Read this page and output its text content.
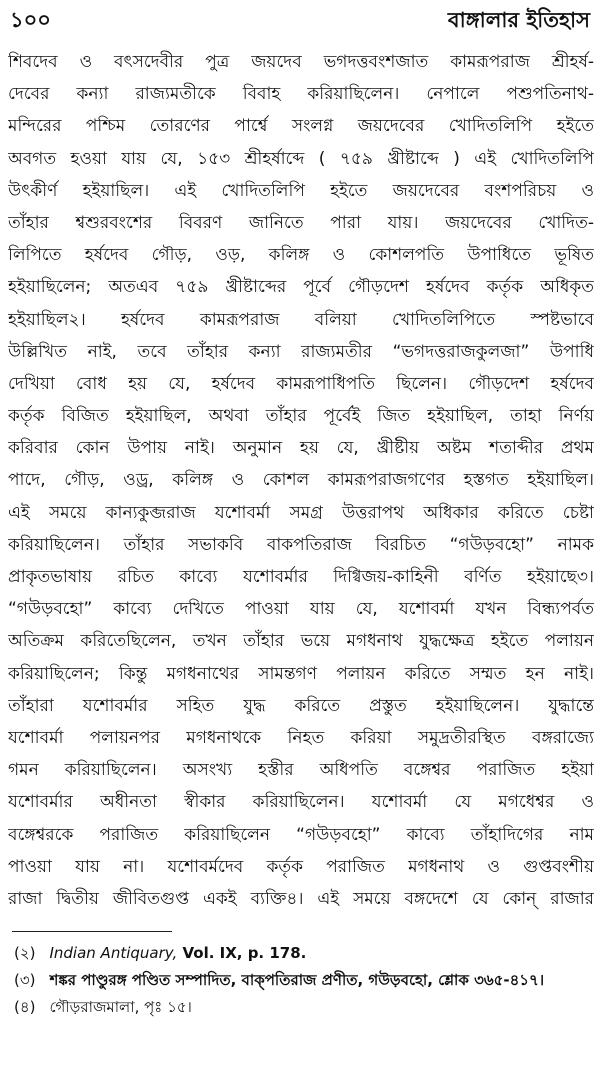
১০০	বাঙ্গালার ইতিহাস
শিবদেব ও বৎসদেবীর পুত্র জয়দেব ভগদত্তবংশজাত কামরূপরাজ শ্রীহর্ষ-
দেবের কন্যা রাজ্যমতীকে বিবাহ করিয়াছিলেন। নেপালে পশুপতিনাথ-
মন্দিরের পশ্চিম তোরণের পার্শ্বে সংলগ্ন জয়দেবের খোদিতলিপি হইতে
অবগত হওয়া যায় যে, ১৫৩ শ্রীহর্ষাব্দে ( ৭৫৯ খ্রীষ্টাব্দে ) এই খোদিতলিপি
উৎকীর্ণ হইয়াছিল। এই খোদিতলিপি হইতে জয়দেবের বংশপরিচয় ও
তাঁহার শ্বশুরবংশের বিবরণ জানিতে পারা যায়। জয়দেবের খোদিত-
লিপিতে হর্ষদেব গৌড়, ওড়, কলিঙ্গ ও কোশলপতি উপাধিতে ভূষিত
হইয়াছিলেন; অতএব ৭৫৯ খ্রীষ্টাব্দের পূর্বে গৌড়দেশ হর্ষদেব কর্তৃক অধিকৃত
হইয়াছিল২। হর্ষদেব কামরূপরাজ বলিয়া খোদিতলিপিতে স্পষ্টভাবে
উল্লিখিত নাই, তবে তাঁহার কন্যা রাজ্যমতীর “ভগদত্তরাজকুলজা” উপাধি
দেখিয়া বোধ হয় যে, হর্ষদেব কামরূপাধিপতি ছিলেন। গৌড়দেশ হর্ষদেব
কর্তৃক বিজিত হইয়াছিল, অথবা তাঁহার পূর্বেই জিত হইয়াছিল, তাহা নির্ণয়
করিবার কোন উপায় নাই। অনুমান হয় যে, খ্রীষ্টীয় অষ্টম শতাব্দীর প্রথম
পাদে, গৌড়, ওড্র, কলিঙ্গ ও কোশল কামরূপরাজগণের হস্তগত হইয়াছিল।
এই সময়ে কান্যকুব্জরাজ যশোবর্মা সমগ্র উত্তরাপথ অধিকার করিতে চেষ্টা
করিয়াছিলেন। তাঁহার সভাকবি বাকপতিরাজ বিরচিত “গউড়বহো” নামক
প্রাকৃতভাষায় রচিত কাব্যে যশোবর্মার দিগ্বিজয়-কাহিনী বর্ণিত হইয়াছে৩।
“গউড়বহো” কাব্যে দেখিতে পাওয়া যায় যে, যশোবর্মা যখন বিন্ধ্যপর্বত
অতিক্রম করিতেছিলেন, তখন তাঁহার ভয়ে মগধনাথ যুদ্ধক্ষেত্র হইতে পলায়ন
করিয়াছিলেন; কিন্তু মগধনাথের সামন্তগণ পলায়ন করিতে সম্মত হন নাই।
তাঁহারা যশোবর্মার সহিত যুদ্ধ করিতে প্রস্তুত হইয়াছিলেন। যুদ্ধান্তে
যশোবর্মা পলায়নপর মগধনাথকে নিহত করিয়া সমুদ্রতীরস্থিত বঙ্গরাজ্যে
গমন করিয়াছিলেন। অসংখ্য হস্তীর অধিপতি বঙ্গেশ্বর পরাজিত হইয়া
যশোবর্মার অধীনতা স্বীকার করিয়াছিলেন। যশোবর্মা যে মগধেশ্বর ও
বঙ্গেশ্বরকে পরাজিত করিয়াছিলেন “গউড়বহো” কাব্যে তাঁহাদিগের নাম
পাওয়া যায় না। যশোবর্মদেব কর্তৃক পরাজিত মগধনাথ ও গুপ্তবংশীয়
রাজা দ্বিতীয় জীবিতগুপ্ত একই ব্যক্তি৪। এই সময়ে বঙ্গদেশে যে কোন্ রাজার
(২) Indian Antiquary, Vol. IX, p. 178.
(৩) শঙ্কর পাণ্ডুরঙ্গ পণ্ডিত সম্পাদিত, বাক্‌পতিরাজ প্রণীত, গউড়বহো, শ্লোক ৩৬৫-৪১৭।
(৪) গৌড়রাজমালা, পৃঃ ১৫।
